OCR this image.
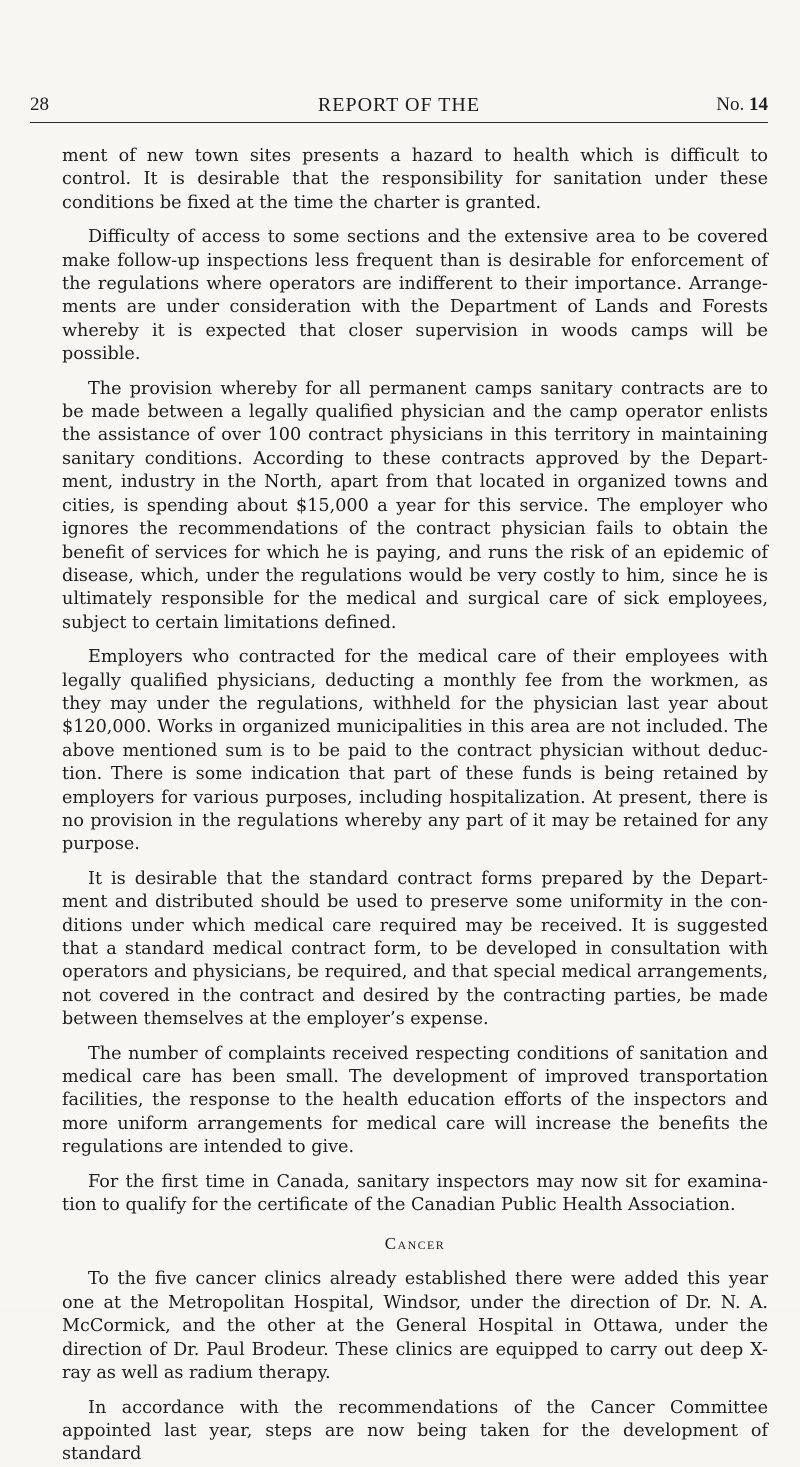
28	REPORT OF THE	No. 14

ment of new town sites presents a hazard to health which is difficult to control. It is desirable that the responsibility for sanitation under these conditions be fixed at the time the charter is granted.

Difficulty of access to some sections and the extensive area to be covered make follow-up inspections less frequent than is desirable for enforcement of the regulations where operators are indifferent to their importance. Arrangements are under consideration with the Department of Lands and Forests whereby it is expected that closer supervision in woods camps will be possible.

The provision whereby for all permanent camps sanitary contracts are to be made between a legally qualified physician and the camp operator enlists the assistance of over 100 contract physicians in this territory in maintaining sanitary conditions. According to these contracts approved by the Department, industry in the North, apart from that located in organized towns and cities, is spending about $15,000 a year for this service. The employer who ignores the recommendations of the contract physician fails to obtain the benefit of services for which he is paying, and runs the risk of an epidemic of disease, which, under the regulations would be very costly to him, since he is ultimately responsible for the medical and surgical care of sick employees, subject to certain limitations defined.

Employers who contracted for the medical care of their employees with legally qualified physicians, deducting a monthly fee from the workmen, as they may under the regulations, withheld for the physician last year about $120,000. Works in organized municipalities in this area are not included. The above mentioned sum is to be paid to the contract physician without deduction. There is some indication that part of these funds is being retained by employers for various purposes, including hospitalization. At present, there is no provision in the regulations whereby any part of it may be retained for any purpose.

It is desirable that the standard contract forms prepared by the Department and distributed should be used to preserve some uniformity in the conditions under which medical care required may be received. It is suggested that a standard medical contract form, to be developed in consultation with operators and physicians, be required, and that special medical arrangements, not covered in the contract and desired by the contracting parties, be made between themselves at the employer’s expense.

The number of complaints received respecting conditions of sanitation and medical care has been small. The development of improved transportation facilities, the response to the health education efforts of the inspectors and more uniform arrangements for medical care will increase the benefits the regulations are intended to give.

For the first time in Canada, sanitary inspectors may now sit for examination to qualify for the certificate of the Canadian Public Health Association.

Cancer

To the five cancer clinics already established there were added this year one at the Metropolitan Hospital, Windsor, under the direction of Dr. N. A. McCormick, and the other at the General Hospital in Ottawa, under the direction of Dr. Paul Brodeur. These clinics are equipped to carry out deep X-ray as well as radium therapy.

In accordance with the recommendations of the Cancer Committee appointed last year, steps are now being taken for the development of standard
